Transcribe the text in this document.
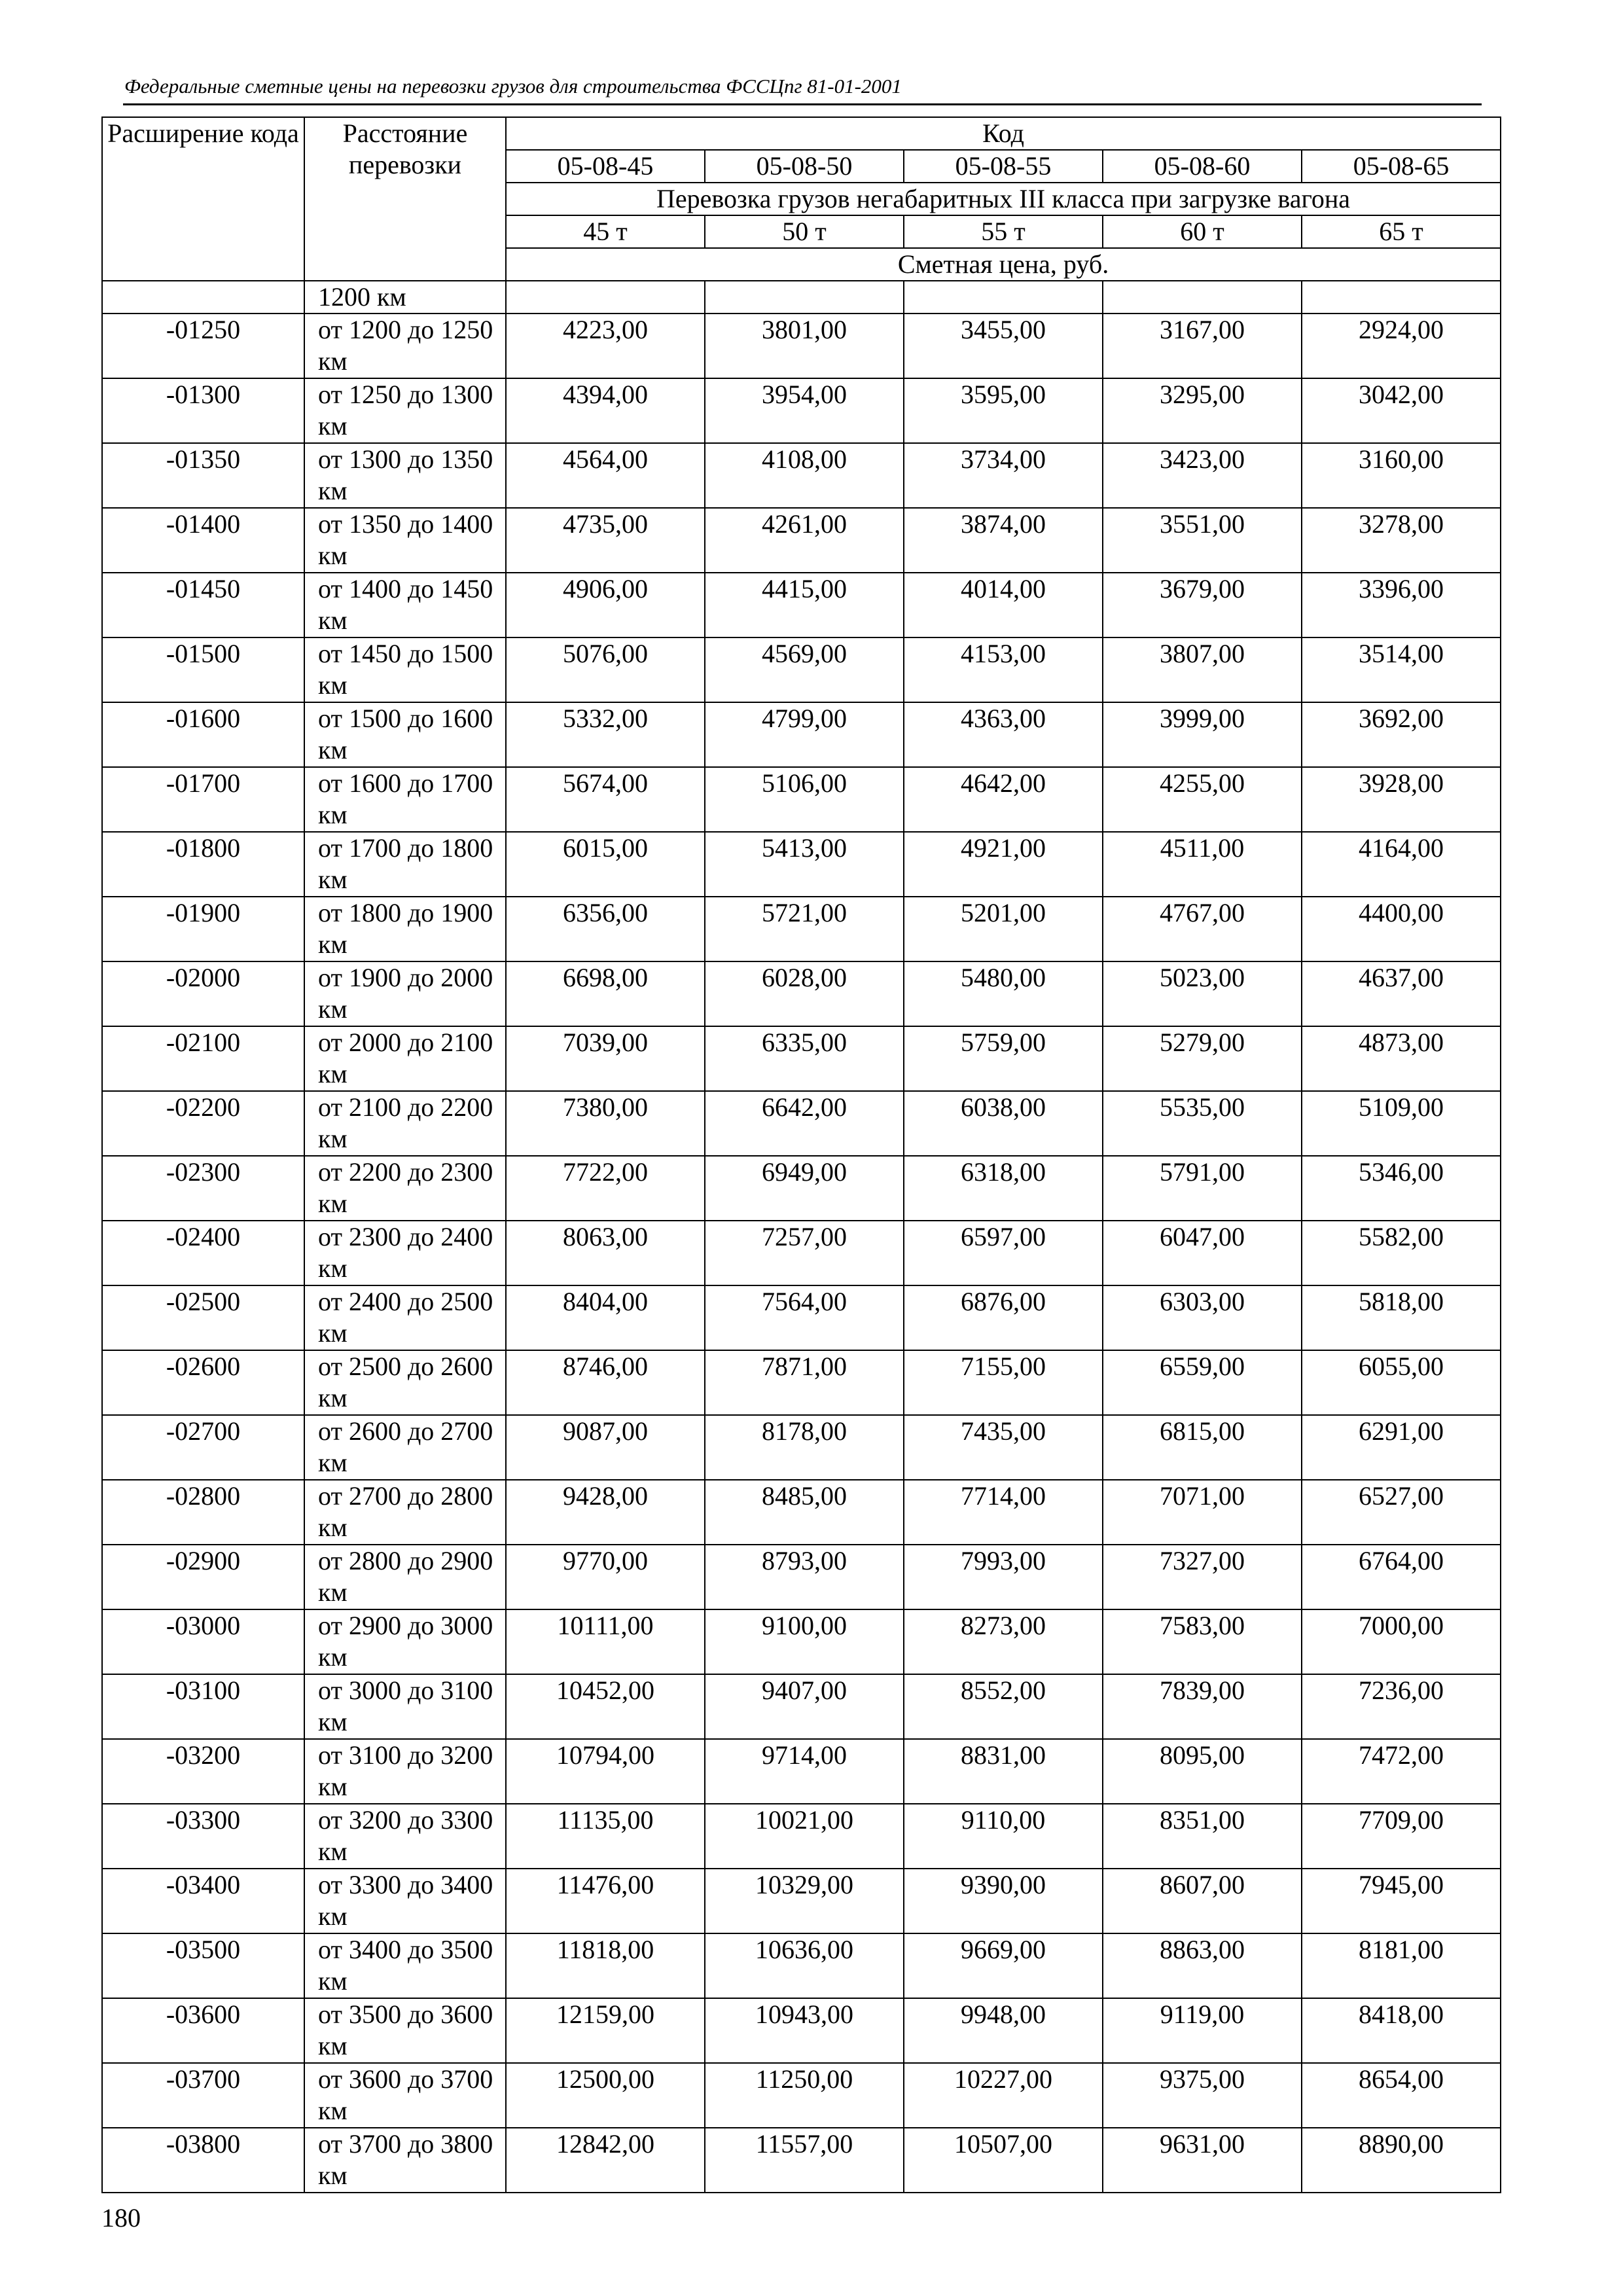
Федеральные сметные цены на перевозки грузов для строительства ФССЦпг 81-01-2001
Расширение кода	Расстояние перевозки	Код				
		05-08-45	05-08-50	05-08-55	05-08-60	05-08-65
		Перевозка грузов негабаритных III класса при загрузке вагона				
		45 т	50 т	55 т	60 т	65 т
		Сметная цена, руб.				
	1200 км					
-01250	от 1200 до 1250 км	4223,00	3801,00	3455,00	3167,00	2924,00
-01300	от 1250 до 1300 км	4394,00	3954,00	3595,00	3295,00	3042,00
-01350	от 1300 до 1350 км	4564,00	4108,00	3734,00	3423,00	3160,00
-01400	от 1350 до 1400 км	4735,00	4261,00	3874,00	3551,00	3278,00
-01450	от 1400 до 1450 км	4906,00	4415,00	4014,00	3679,00	3396,00
-01500	от 1450 до 1500 км	5076,00	4569,00	4153,00	3807,00	3514,00
-01600	от 1500 до 1600 км	5332,00	4799,00	4363,00	3999,00	3692,00
-01700	от 1600 до 1700 км	5674,00	5106,00	4642,00	4255,00	3928,00
-01800	от 1700 до 1800 км	6015,00	5413,00	4921,00	4511,00	4164,00
-01900	от 1800 до 1900 км	6356,00	5721,00	5201,00	4767,00	4400,00
-02000	от 1900 до 2000 км	6698,00	6028,00	5480,00	5023,00	4637,00
-02100	от 2000 до 2100 км	7039,00	6335,00	5759,00	5279,00	4873,00
-02200	от 2100 до 2200 км	7380,00	6642,00	6038,00	5535,00	5109,00
-02300	от 2200 до 2300 км	7722,00	6949,00	6318,00	5791,00	5346,00
-02400	от 2300 до 2400 км	8063,00	7257,00	6597,00	6047,00	5582,00
-02500	от 2400 до 2500 км	8404,00	7564,00	6876,00	6303,00	5818,00
-02600	от 2500 до 2600 км	8746,00	7871,00	7155,00	6559,00	6055,00
-02700	от 2600 до 2700 км	9087,00	8178,00	7435,00	6815,00	6291,00
-02800	от 2700 до 2800 км	9428,00	8485,00	7714,00	7071,00	6527,00
-02900	от 2800 до 2900 км	9770,00	8793,00	7993,00	7327,00	6764,00
-03000	от 2900 до 3000 км	10111,00	9100,00	8273,00	7583,00	7000,00
-03100	от 3000 до 3100 км	10452,00	9407,00	8552,00	7839,00	7236,00
-03200	от 3100 до 3200 км	10794,00	9714,00	8831,00	8095,00	7472,00
-03300	от 3200 до 3300 км	11135,00	10021,00	9110,00	8351,00	7709,00
-03400	от 3300 до 3400 км	11476,00	10329,00	9390,00	8607,00	7945,00
-03500	от 3400 до 3500 км	11818,00	10636,00	9669,00	8863,00	8181,00
-03600	от 3500 до 3600 км	12159,00	10943,00	9948,00	9119,00	8418,00
-03700	от 3600 до 3700 км	12500,00	11250,00	10227,00	9375,00	8654,00
-03800	от 3700 до 3800 км	12842,00	11557,00	10507,00	9631,00	8890,00
180
